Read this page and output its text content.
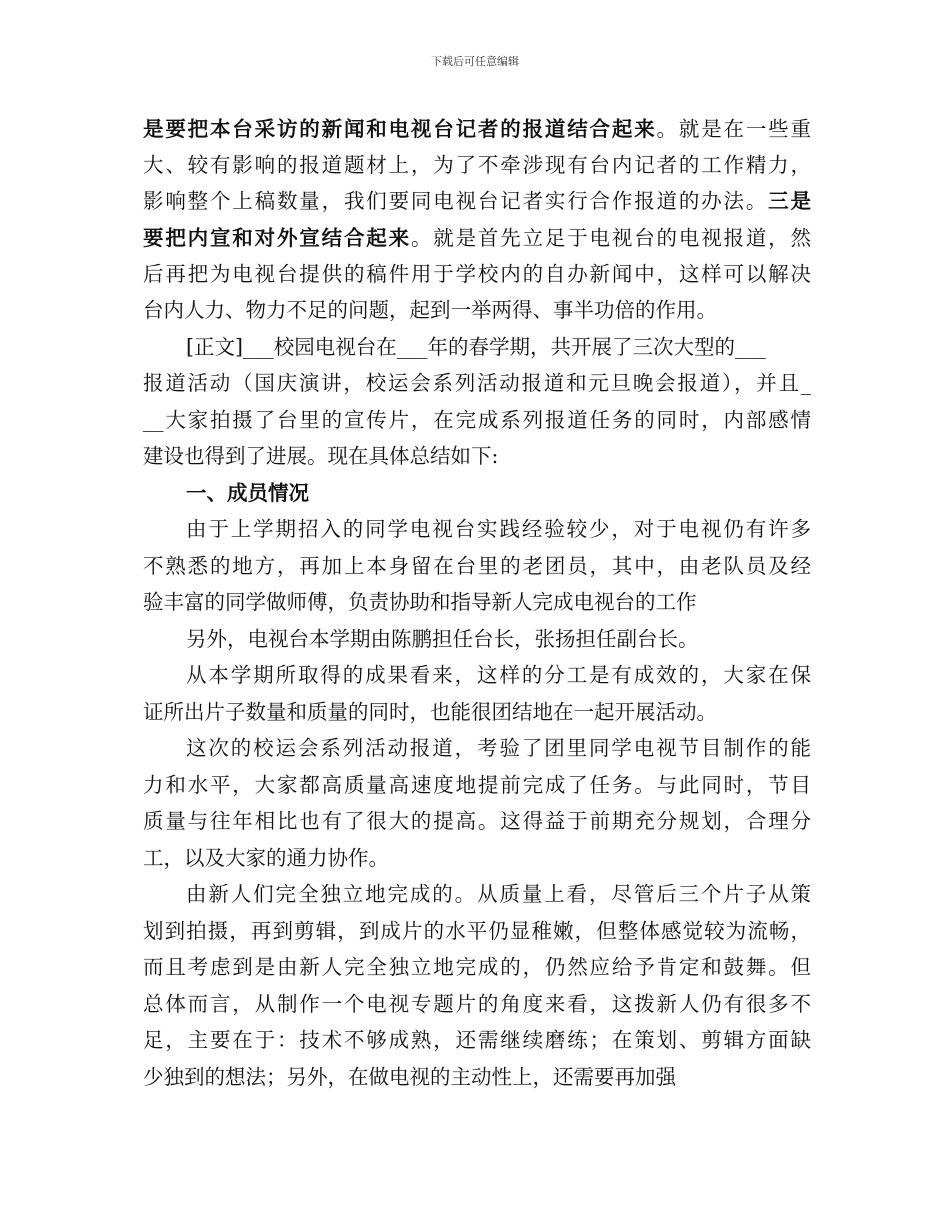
下载后可任意编辑
是要把本台采访的新闻和电视台记者的报道结合起来。就是在一些重
大、较有影响的报道题材上，为了不牵涉现有台内记者的工作精力，
影响整个上稿数量，我们要同电视台记者实行合作报道的办法。三是
要把内宣和对外宣结合起来。就是首先立足于电视台的电视报道，然
后再把为电视台提供的稿件用于学校内的自办新闻中，这样可以解决
台内人力、物力不足的问题，起到一举两得、事半功倍的作用。
[正文]___校园电视台在___年的春学期，共开展了三次大型的___
报道活动（国庆演讲，校运会系列活动报道和元旦晚会报道），并且_
__大家拍摄了台里的宣传片，在完成系列报道任务的同时，内部感情
建设也得到了进展。现在具体总结如下:
一、成员情况
由于上学期招入的同学电视台实践经验较少，对于电视仍有许多
不熟悉的地方，再加上本身留在台里的老团员，其中，由老队员及经
验丰富的同学做师傅，负责协助和指导新人完成电视台的工作
另外，电视台本学期由陈鹏担任台长，张扬担任副台长。
从本学期所取得的成果看来，这样的分工是有成效的，大家在保
证所出片子数量和质量的同时，也能很团结地在一起开展活动。
这次的校运会系列活动报道，考验了团里同学电视节目制作的能
力和水平，大家都高质量高速度地提前完成了任务。与此同时，节目
质量与往年相比也有了很大的提高。这得益于前期充分规划，合理分
工，以及大家的通力协作。
由新人们完全独立地完成的。从质量上看，尽管后三个片子从策
划到拍摄，再到剪辑，到成片的水平仍显稚嫩，但整体感觉较为流畅，
而且考虑到是由新人完全独立地完成的，仍然应给予肯定和鼓舞。但
总体而言，从制作一个电视专题片的角度来看，这拨新人仍有很多不
足，主要在于：技术不够成熟，还需继续磨练；在策划、剪辑方面缺
少独到的想法；另外，在做电视的主动性上，还需要再加强
